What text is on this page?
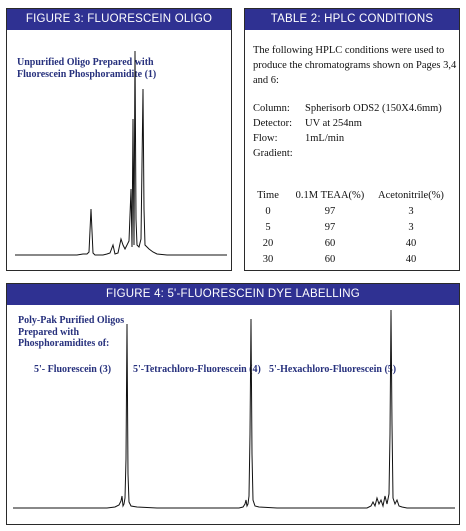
FIGURE 3: FLUORESCEIN OLIGO
Unpurified Oligo Prepared with Fluorescein Phosphoramidite (1)
TABLE 2: HPLC CONDITIONS

The following HPLC conditions were used to produce the chromatograms shown on Pages 3,4 and 6:

Column:	Spherisorb ODS2 (150X4.6mm)
Detector:	UV at 254nm
Flow:	1mL/min
Gradient:
Time	0.1M TEAA(%)	Acetonitrile(%)
0	97	3
5	97	3
20	60	40
30	60	40
FIGURE 4: 5'-FLUORESCEIN DYE LABELLING
Poly-Pak Purified Oligos Prepared with Phosphoramidites of:
5'- Fluorescein (3) 5'-Tetrachloro-Fluorescein (4) 5'-Hexachloro-Fluorescein (5)
